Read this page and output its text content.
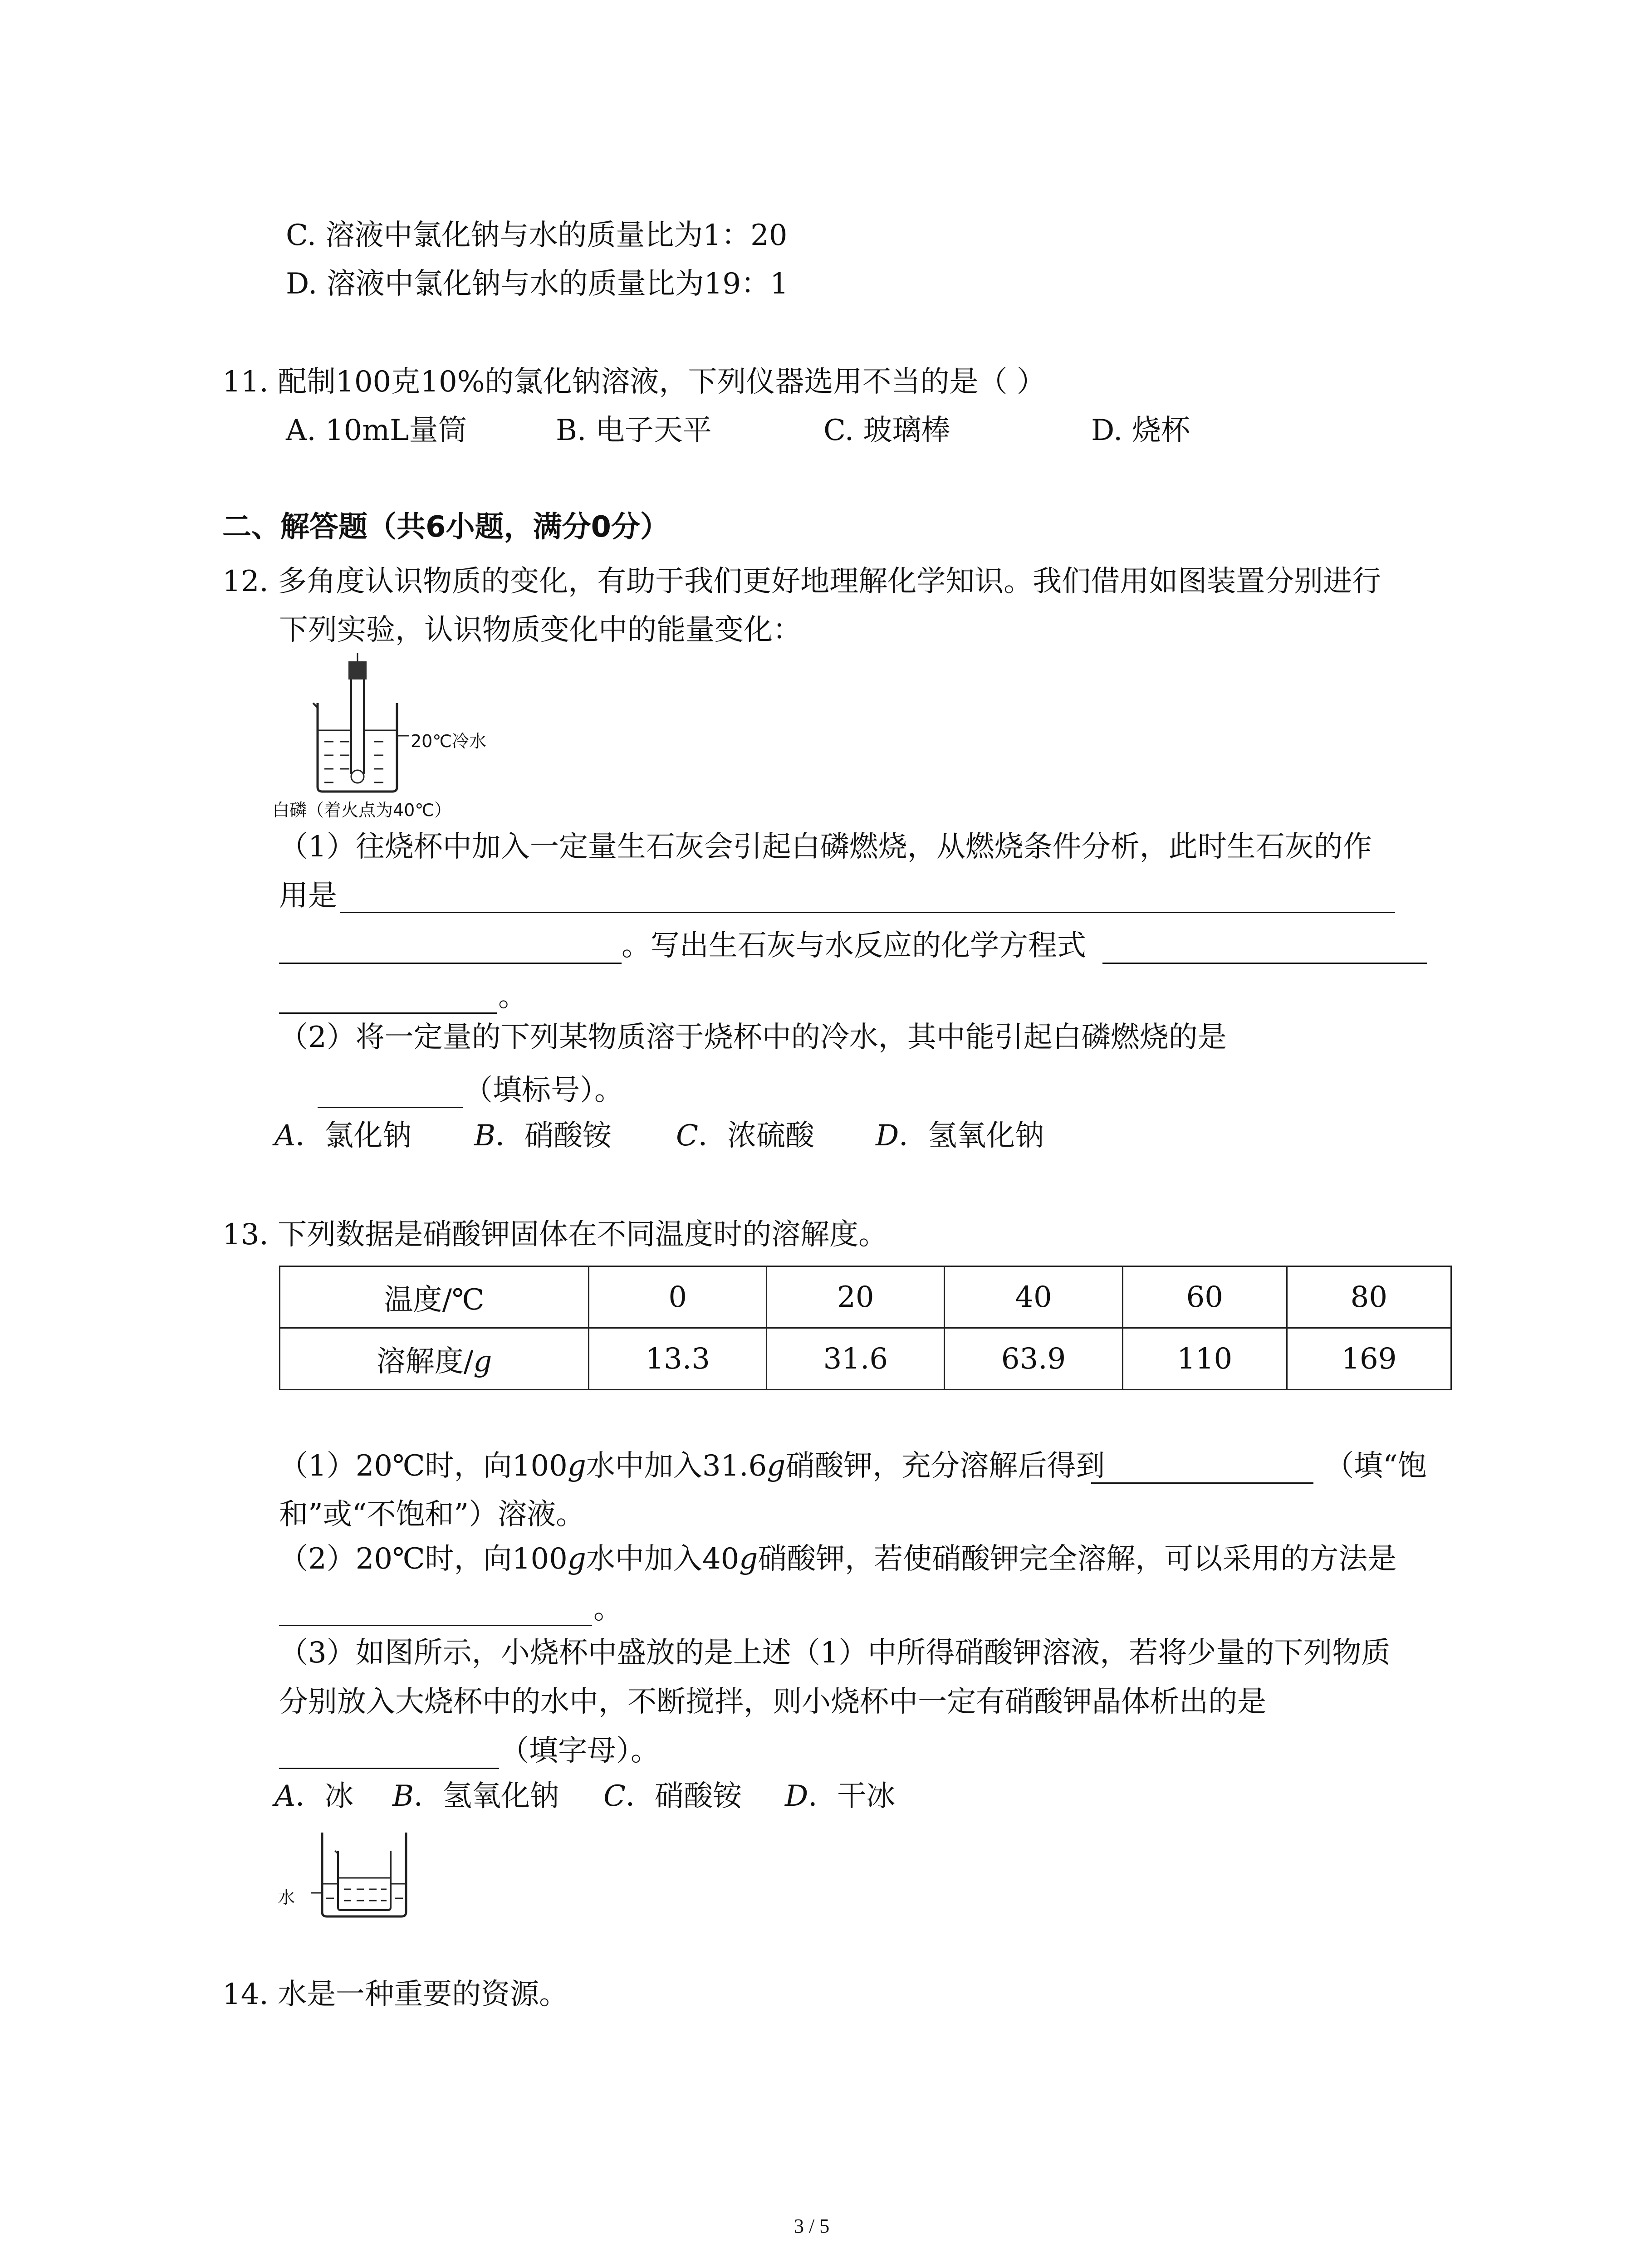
C. 溶液中氯化钠与水的质量比为1：20
D. 溶液中氯化钠与水的质量比为19：1
11. 配制100克10%的氯化钠溶液，下列仪器选用不当的是（ ）
A. 10mL量筒	B. 电子天平	C. 玻璃棒	D. 烧杯
二、解答题（共6小题，满分0分）
12. 多角度认识物质的变化，有助于我们更好地理解化学知识。我们借用如图装置分别进行
下列实验，认识物质变化中的能量变化：
20℃冷水
白磷（着火点为40℃）
（1）往烧杯中加入一定量生石灰会引起白磷燃烧，从燃烧条件分析，此时生石灰的作
用是
。写出生石灰与水反应的化学方程式
。
（2）将一定量的下列某物质溶于烧杯中的冷水，其中能引起白磷燃烧的是
（填标号）。
A．氯化钠 B．硝酸铵 C．浓硫酸 D．氢氧化钠
13. 下列数据是硝酸钾固体在不同温度时的溶解度。
温度/℃	0	20	40	60	80
溶解度/g	13.3	31.6	63.9	110	169
（1）20℃时，向100g水中加入31.6g硝酸钾，充分溶解后得到	（填“饱
和”或“不饱和”）溶液。
（2）20℃时，向100g水中加入40g硝酸钾，若使硝酸钾完全溶解，可以采用的方法是
。
（3）如图所示，小烧杯中盛放的是上述（1）中所得硝酸钾溶液，若将少量的下列物质
分别放入大烧杯中的水中，不断搅拌，则小烧杯中一定有硝酸钾晶体析出的是
（填字母）。
A．冰 B．氢氧化钠 C．硝酸铵 D．干冰
水
14. 水是一种重要的资源。
3 / 5
